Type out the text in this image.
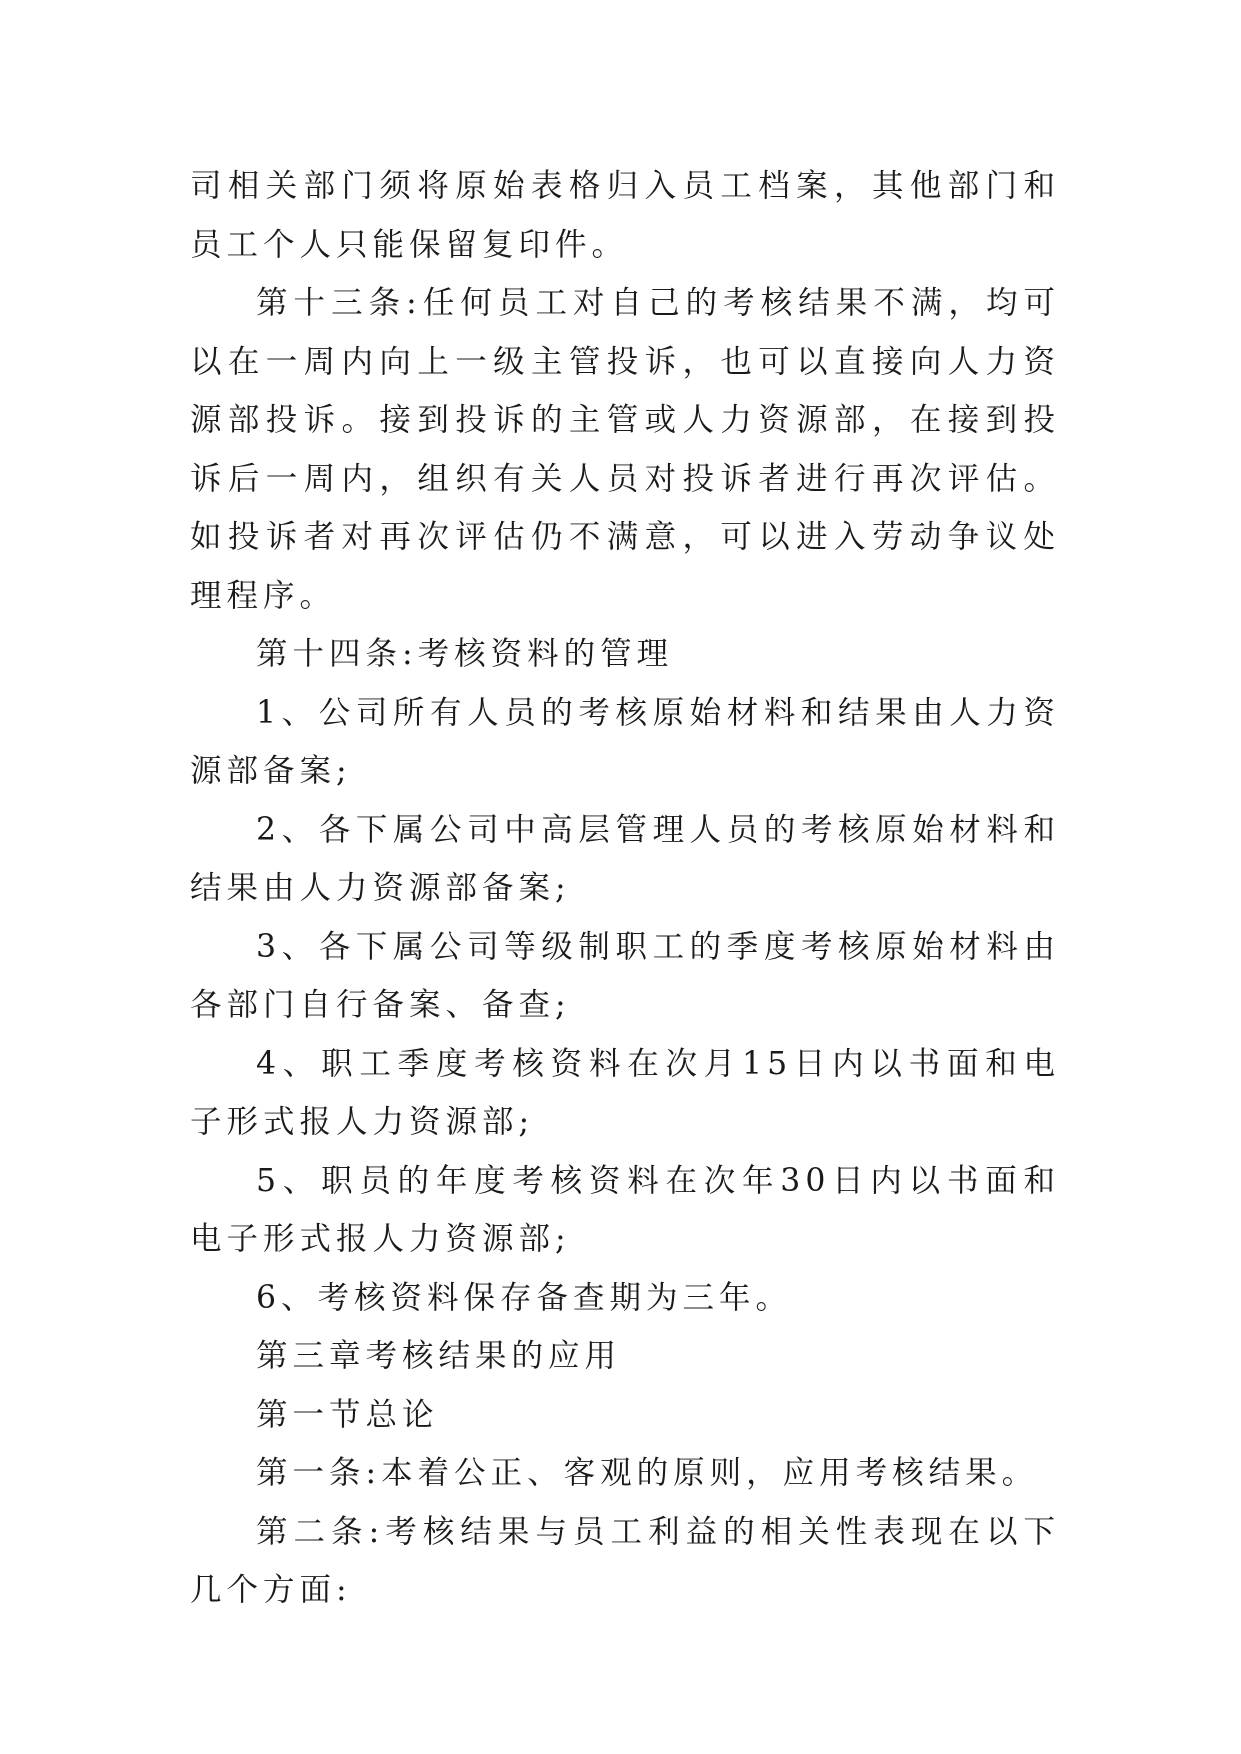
司相关部门须将原始表格归入员工档案，其他部门和员工个人只能保留复印件。

第十三条:任何员工对自己的考核结果不满，均可以在一周内向上一级主管投诉，也可以直接向人力资源部投诉。接到投诉的主管或人力资源部，在接到投诉后一周内，组织有关人员对投诉者进行再次评估。如投诉者对再次评估仍不满意，可以进入劳动争议处理程序。

第十四条:考核资料的管理

1、公司所有人员的考核原始材料和结果由人力资源部备案;

2、各下属公司中高层管理人员的考核原始材料和结果由人力资源部备案;

3、各下属公司等级制职工的季度考核原始材料由各部门自行备案、备查;

4、职工季度考核资料在次月15日内以书面和电子形式报人力资源部;

5、职员的年度考核资料在次年30日内以书面和电子形式报人力资源部;

6、考核资料保存备查期为三年。

第三章考核结果的应用

第一节总论

第一条:本着公正、客观的原则，应用考核结果。

第二条:考核结果与员工利益的相关性表现在以下几个方面:
